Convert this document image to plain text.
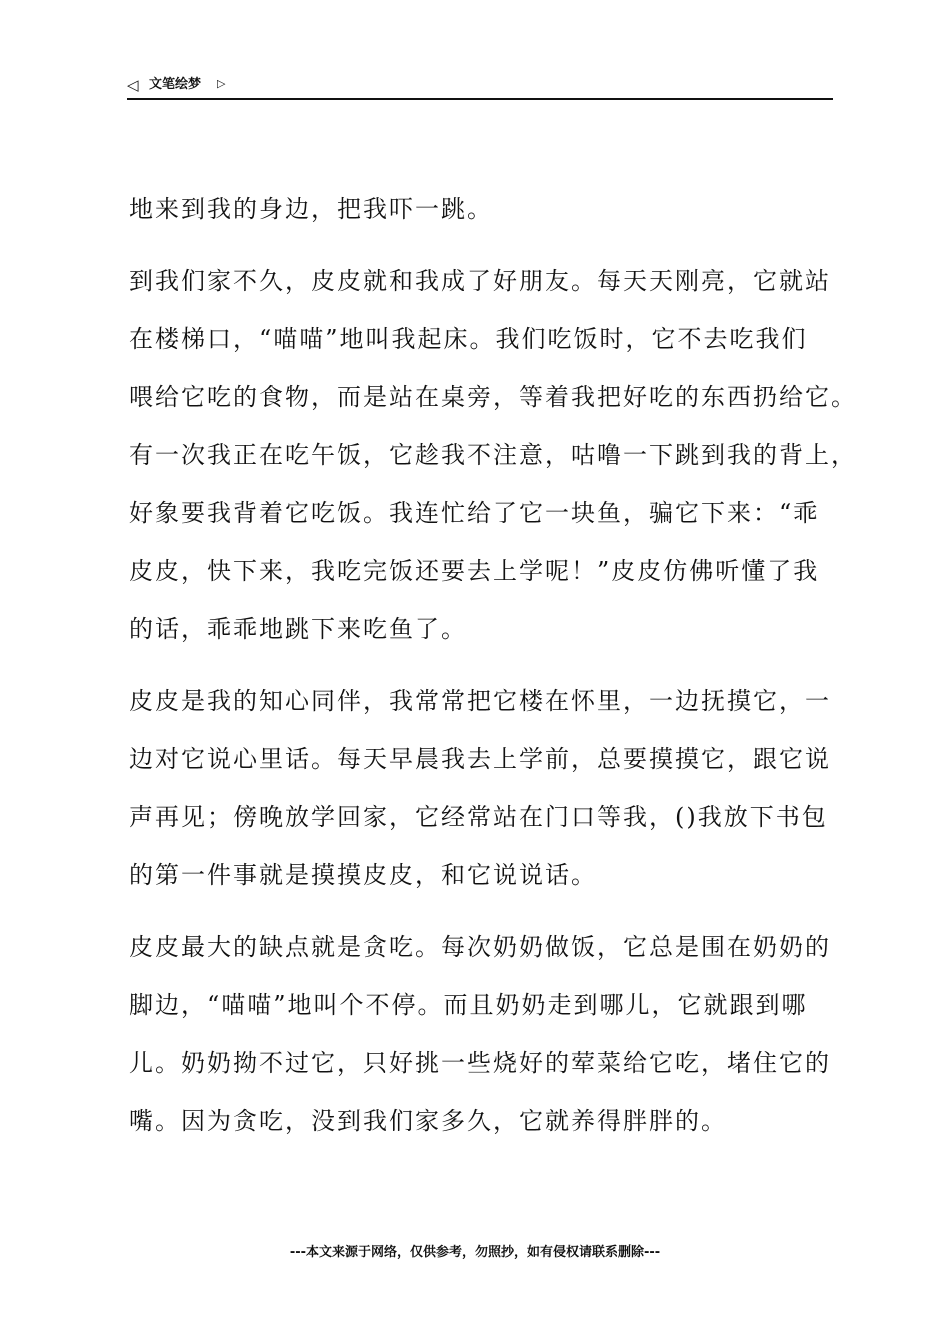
◁ 文笔绘梦 ▷
地来到我的身边，把我吓一跳。
到我们家不久，皮皮就和我成了好朋友。每天天刚亮，它就站
在楼梯口，“喵喵”地叫我起床。我们吃饭时，它不去吃我们
喂给它吃的食物，而是站在桌旁，等着我把好吃的东西扔给它。
有一次我正在吃午饭，它趁我不注意，咕噜一下跳到我的背上，
好象要我背着它吃饭。我连忙给了它一块鱼，骗它下来：“乖
皮皮，快下来，我吃完饭还要去上学呢！”皮皮仿佛听懂了我
的话，乖乖地跳下来吃鱼了。
皮皮是我的知心同伴，我常常把它楼在怀里，一边抚摸它，一
边对它说心里话。每天早晨我去上学前，总要摸摸它，跟它说
声再见；傍晚放学回家，它经常站在门口等我，()我放下书包
的第一件事就是摸摸皮皮，和它说说话。
皮皮最大的缺点就是贪吃。每次奶奶做饭，它总是围在奶奶的
脚边，“喵喵”地叫个不停。而且奶奶走到哪儿，它就跟到哪
儿。奶奶拗不过它，只好挑一些烧好的荤菜给它吃，堵住它的
嘴。因为贪吃，没到我们家多久，它就养得胖胖的。
---本文来源于网络，仅供参考，勿照抄，如有侵权请联系删除---
